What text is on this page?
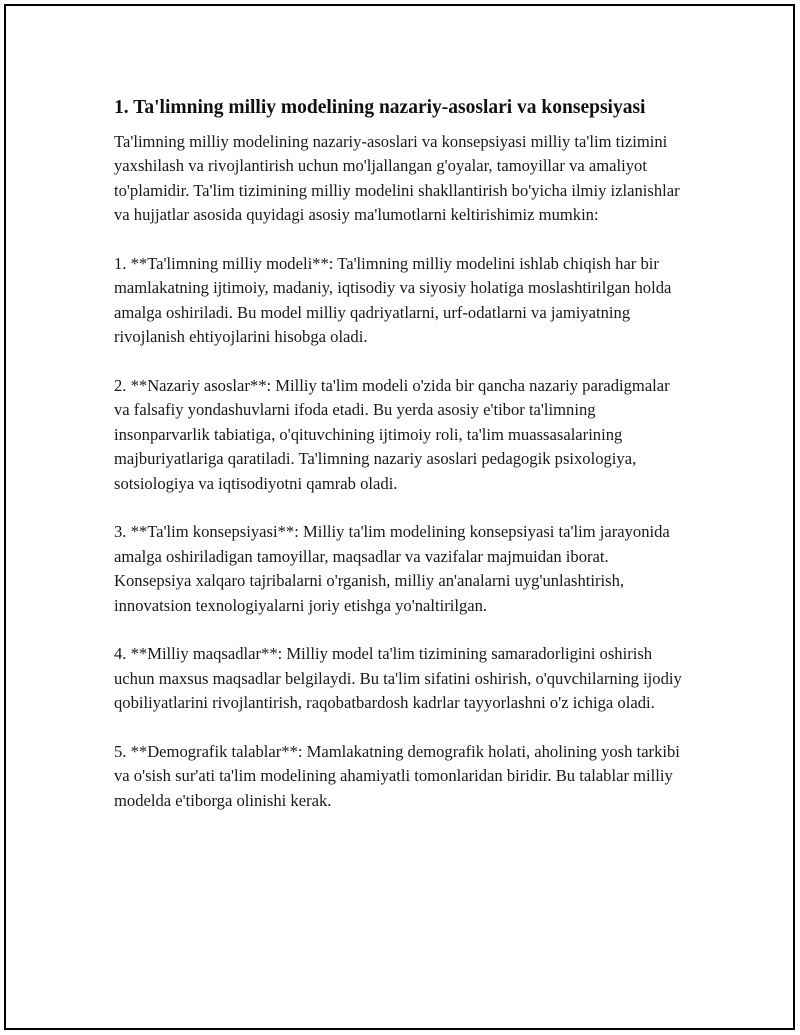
1. Ta'limning milliy modelining nazariy-asoslari va konsepsiyasi

Ta'limning milliy modelining nazariy-asoslari va konsepsiyasi milliy ta'lim tizimini yaxshilash va rivojlantirish uchun mo'ljallangan g'oyalar, tamoyillar va amaliyot to'plamidir. Ta'lim tizimining milliy modelini shakllantirish bo'yicha ilmiy izlanishlar va hujjatlar asosida quyidagi asosiy ma'lumotlarni keltirishimiz mumkin:

1. **Ta'limning milliy modeli**: Ta'limning milliy modelini ishlab chiqish har bir mamlakatning ijtimoiy, madaniy, iqtisodiy va siyosiy holatiga moslashtirilgan holda amalga oshiriladi. Bu model milliy qadriyatlarni, urf-odatlarni va jamiyatning rivojlanish ehtiyojlarini hisobga oladi.

2. **Nazariy asoslar**: Milliy ta'lim modeli o'zida bir qancha nazariy paradigmalar va falsafiy yondashuvlarni ifoda etadi. Bu yerda asosiy e'tibor ta'limning insonparvarlik tabiatiga, o'qituvchining ijtimoiy roli, ta'lim muassasalarining majburiyatlariga qaratiladi. Ta'limning nazariy asoslari pedagogik psixologiya, sotsiologiya va iqtisodiyotni qamrab oladi.

3. **Ta'lim konsepsiyasi**: Milliy ta'lim modelining konsepsiyasi ta'lim jarayonida amalga oshiriladigan tamoyillar, maqsadlar va vazifalar majmuidan iborat. Konsepsiya xalqaro tajribalarni o'rganish, milliy an'analarni uyg'unlashtirish, innovatsion texnologiyalarni joriy etishga yo'naltirilgan.

4. **Milliy maqsadlar**: Milliy model ta'lim tizimining samaradorligini oshirish uchun maxsus maqsadlar belgilaydi. Bu ta'lim sifatini oshirish, o'quvchilarning ijodiy qobiliyatlarini rivojlantirish, raqobatbardosh kadrlar tayyorlashni o'z ichiga oladi.

5. **Demografik talablar**: Mamlakatning demografik holati, aholining yosh tarkibi va o'sish sur'ati ta'lim modelining ahamiyatli tomonlaridan biridir. Bu talablar milliy modelda e'tiborga olinishi kerak.
